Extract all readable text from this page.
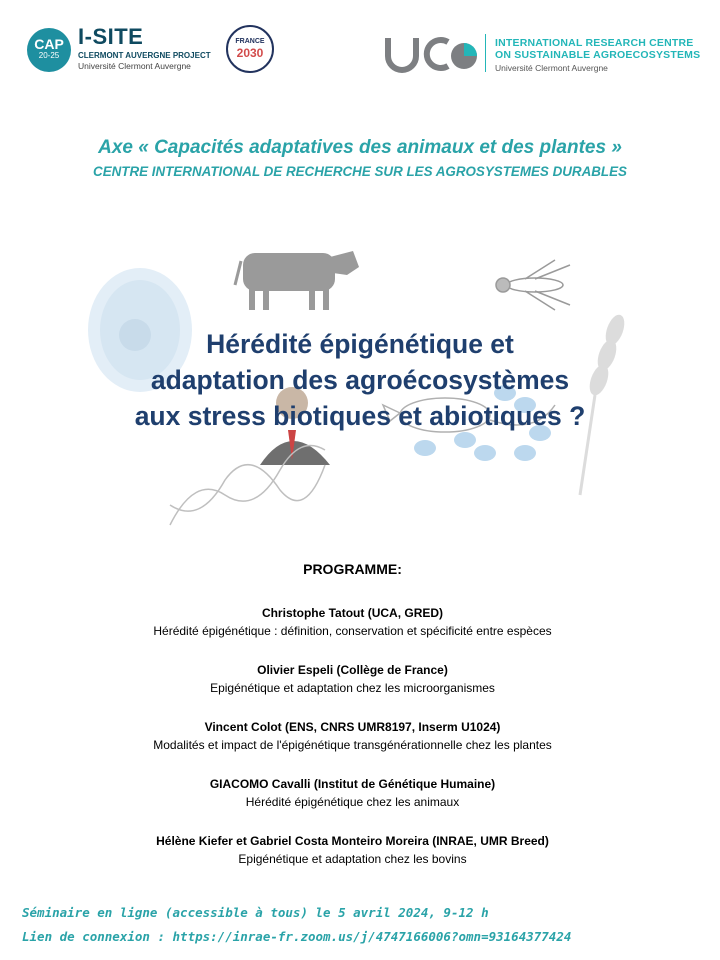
CAP
20-25
I-SITE
CLERMONT AUVERGNE PROJECT
Université Clermont Auvergne
FRANCE
2030
INTERNATIONAL RESEARCH CENTRE
ON SUSTAINABLE AGROECOSYSTEMS
Université Clermont Auvergne
Axe « Capacités adaptatives des animaux et des plantes »
CENTRE INTERNATIONAL DE RECHERCHE SUR LES AGROSYSTEMES DURABLES
Hérédité épigénétique et
adaptation des agroécosystèmes
aux stress biotiques et abiotiques ?
PROGRAMME:
Christophe Tatout (UCA, GRED)
Hérédité épigénétique : définition, conservation et spécificité entre espèces
Olivier Espeli (Collège de France)
Epigénétique et adaptation chez les microorganismes
Vincent Colot (ENS, CNRS UMR8197, Inserm U1024)
Modalités et impact de l'épigénétique transgénérationnelle chez les plantes
GIACOMO Cavalli (Institut de Génétique Humaine)
Hérédité épigénétique chez les animaux
Hélène Kiefer et Gabriel Costa Monteiro Moreira (INRAE, UMR Breed)
Epigénétique et adaptation chez les bovins
Séminaire en ligne (accessible à tous) le 5 avril 2024, 9-12 h
Lien de connexion : https://inrae-fr.zoom.us/j/4747166006?omn=93164377424
